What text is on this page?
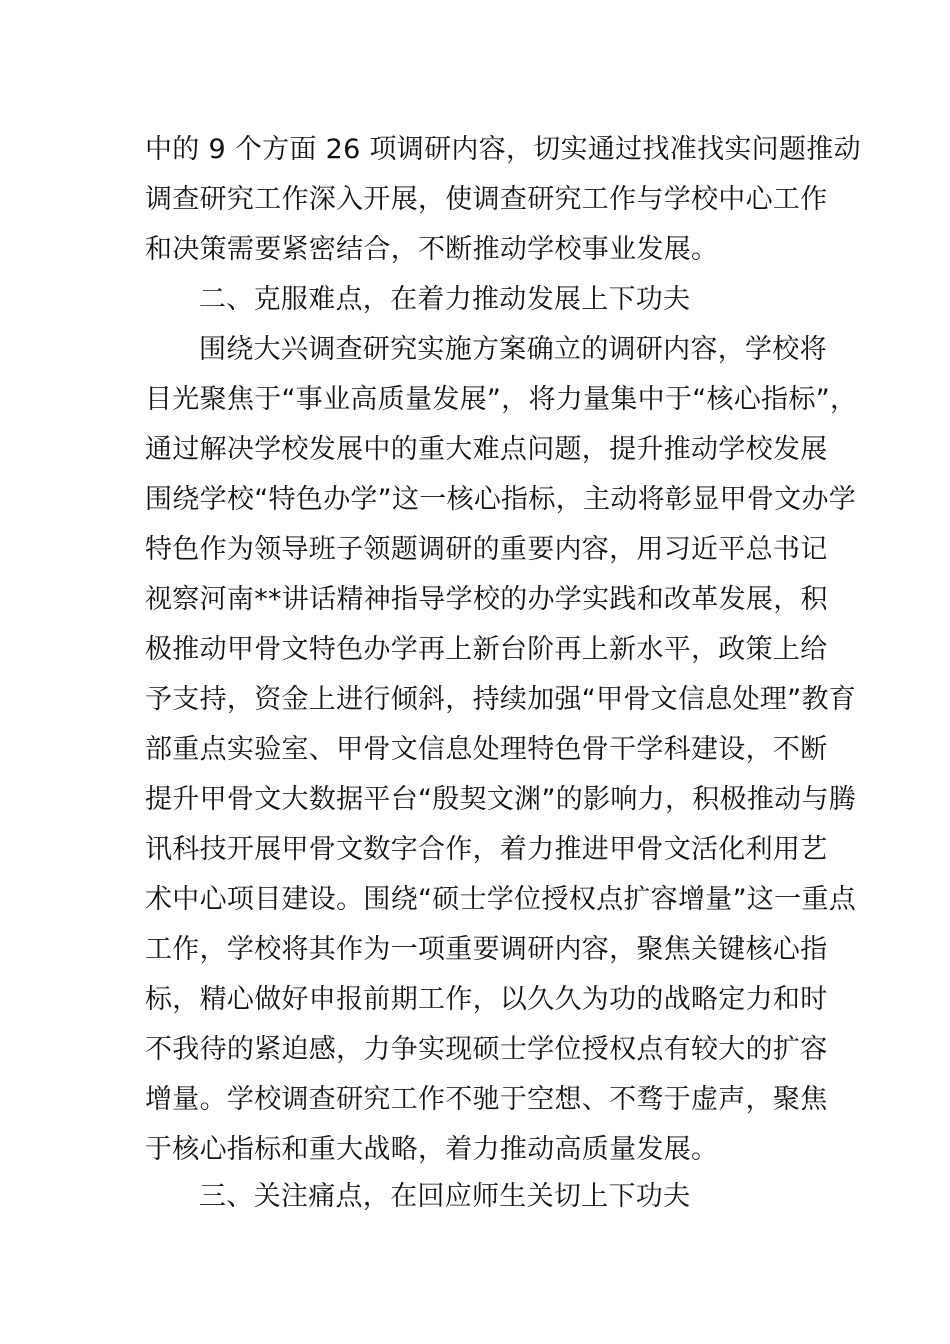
中的 9 个方面 26 项调研内容，切实通过找准找实问题推动
调查研究工作深入开展，使调查研究工作与学校中心工作
和决策需要紧密结合，不断推动学校事业发展。
二、克服难点，在着力推动发展上下功夫
围绕大兴调查研究实施方案确立的调研内容，学校将
目光聚焦于“事业高质量发展”，将力量集中于“核心指标”，
通过解决学校发展中的重大难点问题，提升推动学校发展
围绕学校“特色办学”这一核心指标，主动将彰显甲骨文办学
特色作为领导班子领题调研的重要内容，用习近平总书记
视察河南**讲话精神指导学校的办学实践和改革发展，积
极推动甲骨文特色办学再上新台阶再上新水平，政策上给
予支持，资金上进行倾斜，持续加强“甲骨文信息处理”教育
部重点实验室、甲骨文信息处理特色骨干学科建设，不断
提升甲骨文大数据平台“殷契文渊”的影响力，积极推动与腾
讯科技开展甲骨文数字合作，着力推进甲骨文活化利用艺
术中心项目建设。围绕“硕士学位授权点扩容增量”这一重点
工作，学校将其作为一项重要调研内容，聚焦关键核心指
标，精心做好申报前期工作，以久久为功的战略定力和时
不我待的紧迫感，力争实现硕士学位授权点有较大的扩容
增量。学校调查研究工作不驰于空想、不骛于虚声，聚焦
于核心指标和重大战略，着力推动高质量发展。
三、关注痛点，在回应师生关切上下功夫
